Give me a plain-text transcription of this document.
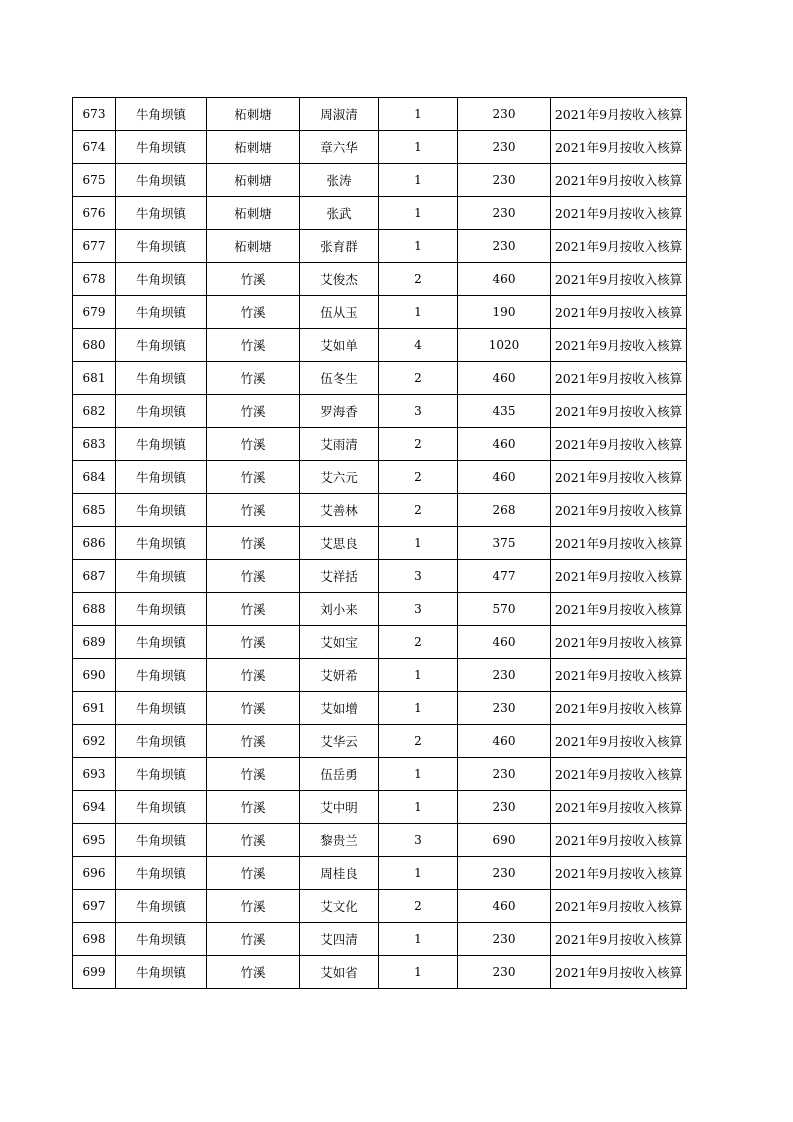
673	牛角坝镇	柘刺塘	周淑清	1	230	2021年9月按收入核算
674	牛角坝镇	柘刺塘	章六华	1	230	2021年9月按收入核算
675	牛角坝镇	柘刺塘	张涛	1	230	2021年9月按收入核算
676	牛角坝镇	柘刺塘	张武	1	230	2021年9月按收入核算
677	牛角坝镇	柘刺塘	张育群	1	230	2021年9月按收入核算
678	牛角坝镇	竹溪	艾俊杰	2	460	2021年9月按收入核算
679	牛角坝镇	竹溪	伍从玉	1	190	2021年9月按收入核算
680	牛角坝镇	竹溪	艾如单	4	1020	2021年9月按收入核算
681	牛角坝镇	竹溪	伍冬生	2	460	2021年9月按收入核算
682	牛角坝镇	竹溪	罗海香	3	435	2021年9月按收入核算
683	牛角坝镇	竹溪	艾雨清	2	460	2021年9月按收入核算
684	牛角坝镇	竹溪	艾六元	2	460	2021年9月按收入核算
685	牛角坝镇	竹溪	艾善林	2	268	2021年9月按收入核算
686	牛角坝镇	竹溪	艾思良	1	375	2021年9月按收入核算
687	牛角坝镇	竹溪	艾祥括	3	477	2021年9月按收入核算
688	牛角坝镇	竹溪	刘小来	3	570	2021年9月按收入核算
689	牛角坝镇	竹溪	艾如宝	2	460	2021年9月按收入核算
690	牛角坝镇	竹溪	艾妍希	1	230	2021年9月按收入核算
691	牛角坝镇	竹溪	艾如增	1	230	2021年9月按收入核算
692	牛角坝镇	竹溪	艾华云	2	460	2021年9月按收入核算
693	牛角坝镇	竹溪	伍岳勇	1	230	2021年9月按收入核算
694	牛角坝镇	竹溪	艾中明	1	230	2021年9月按收入核算
695	牛角坝镇	竹溪	黎贵兰	3	690	2021年9月按收入核算
696	牛角坝镇	竹溪	周桂良	1	230	2021年9月按收入核算
697	牛角坝镇	竹溪	艾文化	2	460	2021年9月按收入核算
698	牛角坝镇	竹溪	艾四清	1	230	2021年9月按收入核算
699	牛角坝镇	竹溪	艾如省	1	230	2021年9月按收入核算
